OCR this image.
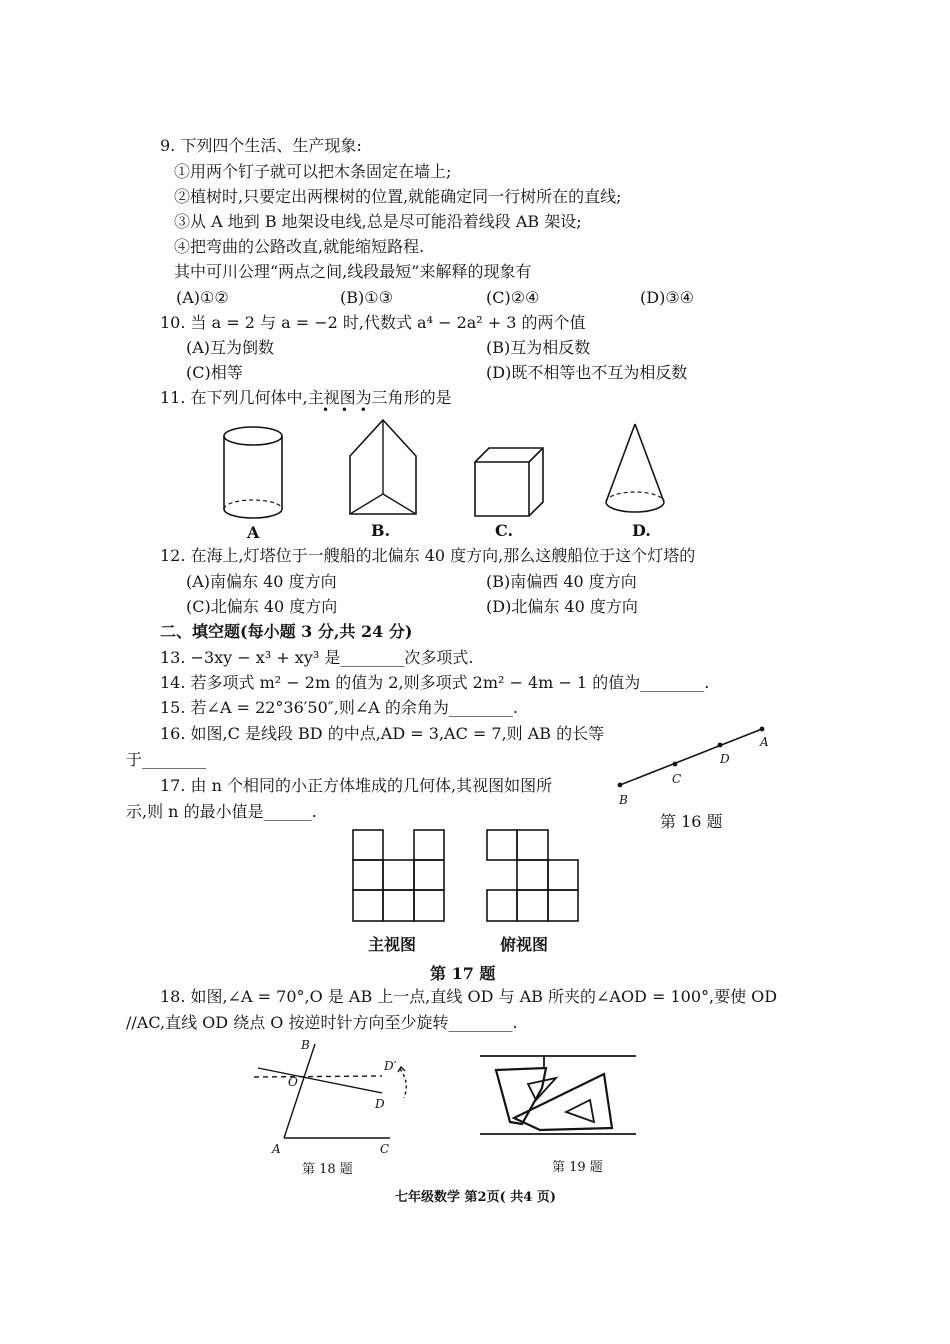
9. 下列四个生活、生产现象:
①用两个钉子就可以把木条固定在墙上;
②植树时,只要定出两棵树的位置,就能确定同一行树所在的直线;
③从 A 地到 B 地架设电线,总是尽可能沿着线段 AB 架设;
④把弯曲的公路改直,就能缩短路程.
其中可川公理“两点之间,线段最短”来解释的现象有
(A)①②	(B)①③	(C)②④	(D)③④
10. 当 a = 2 与 a = −2 时,代数式 a⁴ − 2a² + 3 的两个值
(A)互为倒数	(B)互为相反数
(C)相等	(D)既不相等也不互为相反数
11. 在下列几何体中,主视图为三角形的是
• • •
A	B.	C.	D.
12. 在海上,灯塔位于一艘船的北偏东 40 度方向,那么这艘船位于这个灯塔的
(A)南偏东 40 度方向	(B)南偏西 40 度方向
(C)北偏东 40 度方向	(D)北偏东 40 度方向
二、填空题(每小题 3 分,共 24 分)
13. −3xy − x³ + xy³ 是________次多项式.
14. 若多项式 m² − 2m 的值为 2,则多项式 2m² − 4m − 1 的值为________.
15. 若∠A = 22°36′50″,则∠A 的余角为________.
16. 如图,C 是线段 BD 的中点,AD = 3,AC = 7,则 AB 的长等
于________
B
C
D
A
第 16 题
17. 由 n 个相同的小正方体堆成的几何体,其视图如图所
示,则 n 的最小值是______.
主视图	俯视图
第 17 题
18. 如图,∠A = 70°,O 是 AB 上一点,直线 OD 与 AB 所夹的∠AOD = 100°,要使 OD
//AC,直线 OD 绕点 O 按逆时针方向至少旋转________.
B
O
D′
D
A	C
第 18 题	第 19 题
七年级数学 第2页( 共4 页)
